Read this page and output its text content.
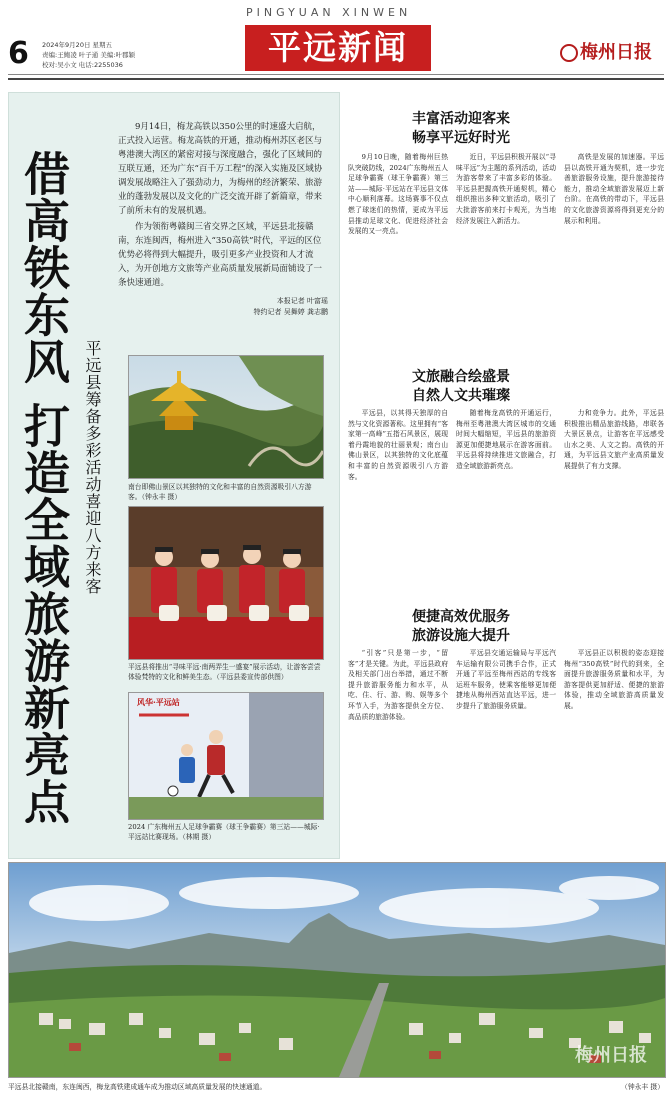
6 2024年9月20日 星期五
责编:王鲍凌 叶子通 美编:叶郡颖
校对:吴小文 电话:2255036
PINGYUAN XINWEN
平远新闻	梅州日报
借高铁东风 打造全域旅游新亮点 平远县筹备多彩活动喜迎八方来客

9月14日，梅龙高铁以350公里的时速盛大启航，正式投入运营。梅龙高铁的开通，推动梅州苏区老区与粤港澳大湾区的紧密对接与深度融合，强化了区域间的互联互通，还为广东“百千万工程”的深入实施及区域协调发展战略注入了强劲动力，为梅州的经济繁荣、旅游业的蓬勃发展以及文化的广泛交流开辟了新篇章，带来了前所未有的发展机遇。

作为领衔粤赣闽三省交界之区域，平远县北接赣南，东连闽西，梅州进入“350高铁”时代，平远的区位优势必将得到大幅提升，吸引更多产业投资和人才流入，为开创地方文旅等产业高质量发展新局面铺设了一条快速通道。

本报记者 叶富瑶
特约记者 吴舞婷 龚志鹏
南台即佛山景区以其独特的文化和丰富的自然资源吸引八方游客。（钟永丰 摄）
平远县将推出“寻味平远·南两弄生一盛宴”展示活动，让游客尝尝体验梵特的文化和鲜美生态。（平远县委宣传部供图）
风华·平远站
2024 广东梅州五人足球争霸赛（球王争霸赛）第三站——城际·平远站比赛现场。（林期 摄）
丰富活动迎客来
畅享平远好时光

9月10日晚，随着梅州巨热队突破防线，2024广东梅州五人足球争霸赛（球王争霸赛）第三站——城际·平远站在平远县文体中心顺利落幕。这场赛事不仅点燃了球迷们的热情，更成为平远县推动足球文化、促进经济社会发展的又一亮点。

近日，平远县积极开展以“寻味平远”为主题的系列活动，活动为游客带来了丰富多彩的体验。平远县把握高铁开通契机，精心组织推出多种文旅活动，吸引了大批游客前来打卡观光，为当地经济发展注入新活力。

高铁是发展的加速器。平远县以高铁开通为契机，进一步完善旅游服务设施，提升旅游接待能力，推动全域旅游发展迈上新台阶。在高铁的带动下，平远县的文化旅游资源将得到更充分的展示和利用。

文旅融合绘盛景
自然人文共璀璨

平远县，以其得天独厚的自然与文化资源著称。这里拥有“客家第一高峰”五指石风景区，展现着丹霞地貌的壮丽景观；南台山佛山景区，以其独特的文化底蕴和丰富的自然资源吸引八方游客。

随着梅龙高铁的开通运行，梅州至粤港澳大湾区城市的交通时间大幅缩短，平远县的旅游资源更加便捷地展示在游客面前。平远县将持续推进文旅融合，打造全域旅游新亮点。

力和竞争力。此外，平远县积极推出精品旅游线路，串联各大景区景点，让游客在平远感受山水之美、人文之韵。高铁的开通，为平远县文旅产业高质量发展提供了有力支撑。

便捷高效优服务
旅游设施大提升

“引客”只是第一步，“留客”才是关键。为此，平远县政府及相关部门出台举措，通过不断提升旅游服务能力和水平，从吃、住、行、游、购、娱等多个环节入手，为游客提供全方位、高品质的旅游体验。

平远县交通运输局与平远汽车运输有限公司携手合作，正式开通了平远至梅州西站的专线客运班车服务，使乘客能够更加便捷地从梅州西站直达平远，进一步提升了旅游服务质量。

平远县正以积极的姿态迎接梅州“350高铁”时代的到来，全面提升旅游服务质量和水平，为游客提供更加舒适、便捷的旅游体验，推动全域旅游高质量发展。

梅州日报
平远县北接赣南，东连闽西，梅龙高铁建成通车成为推动区域高质量发展的快速通道。	（钟永丰 摄）
